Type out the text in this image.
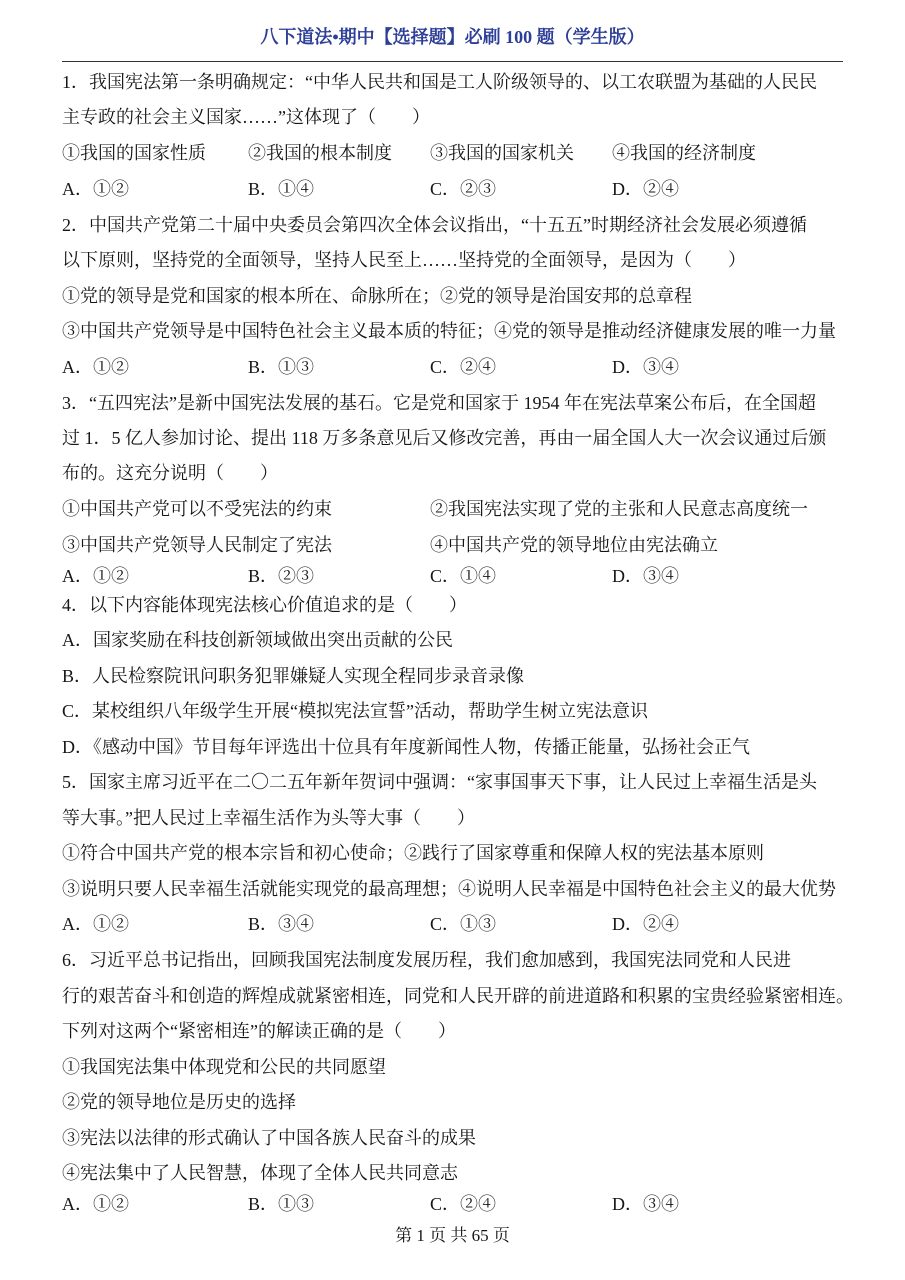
八下道法•期中【选择题】必刷 100 题（学生版）
1．我国宪法第一条明确规定：“中华人民共和国是工人阶级领导的、以工农联盟为基础的人民民
主专政的社会主义国家……”这体现了（　　）
①我国的国家性质 ②我国的根本制度 ③我国的国家机关 ④我国的经济制度
A．①②	B．①④	C．②③	D．②④
2．中国共产党第二十届中央委员会第四次全体会议指出，“十五五”时期经济社会发展必须遵循
以下原则，坚持党的全面领导，坚持人民至上……坚持党的全面领导，是因为（　　）
①党的领导是党和国家的根本所在、命脉所在；②党的领导是治国安邦的总章程
③中国共产党领导是中国特色社会主义最本质的特征；④党的领导是推动经济健康发展的唯一力量
A．①②	B．①③	C．②④	D．③④
3．“五四宪法”是新中国宪法发展的基石。它是党和国家于 1954 年在宪法草案公布后，在全国超
过 1．5 亿人参加讨论、提出 118 万多条意见后又修改完善，再由一届全国人大一次会议通过后颁
布的。这充分说明（　　）
①中国共产党可以不受宪法的约束	②我国宪法实现了党的主张和人民意志高度统一
③中国共产党领导人民制定了宪法	④中国共产党的领导地位由宪法确立
A．①②	B．②③	C．①④	D．③④
4．以下内容能体现宪法核心价值追求的是（　　）
A．国家奖励在科技创新领域做出突出贡献的公民
B．人民检察院讯问职务犯罪嫌疑人实现全程同步录音录像
C．某校组织八年级学生开展“模拟宪法宣誓”活动，帮助学生树立宪法意识
D．《感动中国》节目每年评选出十位具有年度新闻性人物，传播正能量，弘扬社会正气
5．国家主席习近平在二〇二五年新年贺词中强调：“家事国事天下事，让人民过上幸福生活是头
等大事。”把人民过上幸福生活作为头等大事（　　）
①符合中国共产党的根本宗旨和初心使命；②践行了国家尊重和保障人权的宪法基本原则
③说明只要人民幸福生活就能实现党的最高理想；④说明人民幸福是中国特色社会主义的最大优势
A．①②	B．③④	C．①③	D．②④
6．习近平总书记指出，回顾我国宪法制度发展历程，我们愈加感到，我国宪法同党和人民进
行的艰苦奋斗和创造的辉煌成就紧密相连，同党和人民开辟的前进道路和积累的宝贵经验紧密相连。
下列对这两个“紧密相连”的解读正确的是（　　）
①我国宪法集中体现党和公民的共同愿望
②党的领导地位是历史的选择
③宪法以法律的形式确认了中国各族人民奋斗的成果
④宪法集中了人民智慧，体现了全体人民共同意志
A．①②	B．①③	C．②④	D．③④
第 1 页 共 65 页
